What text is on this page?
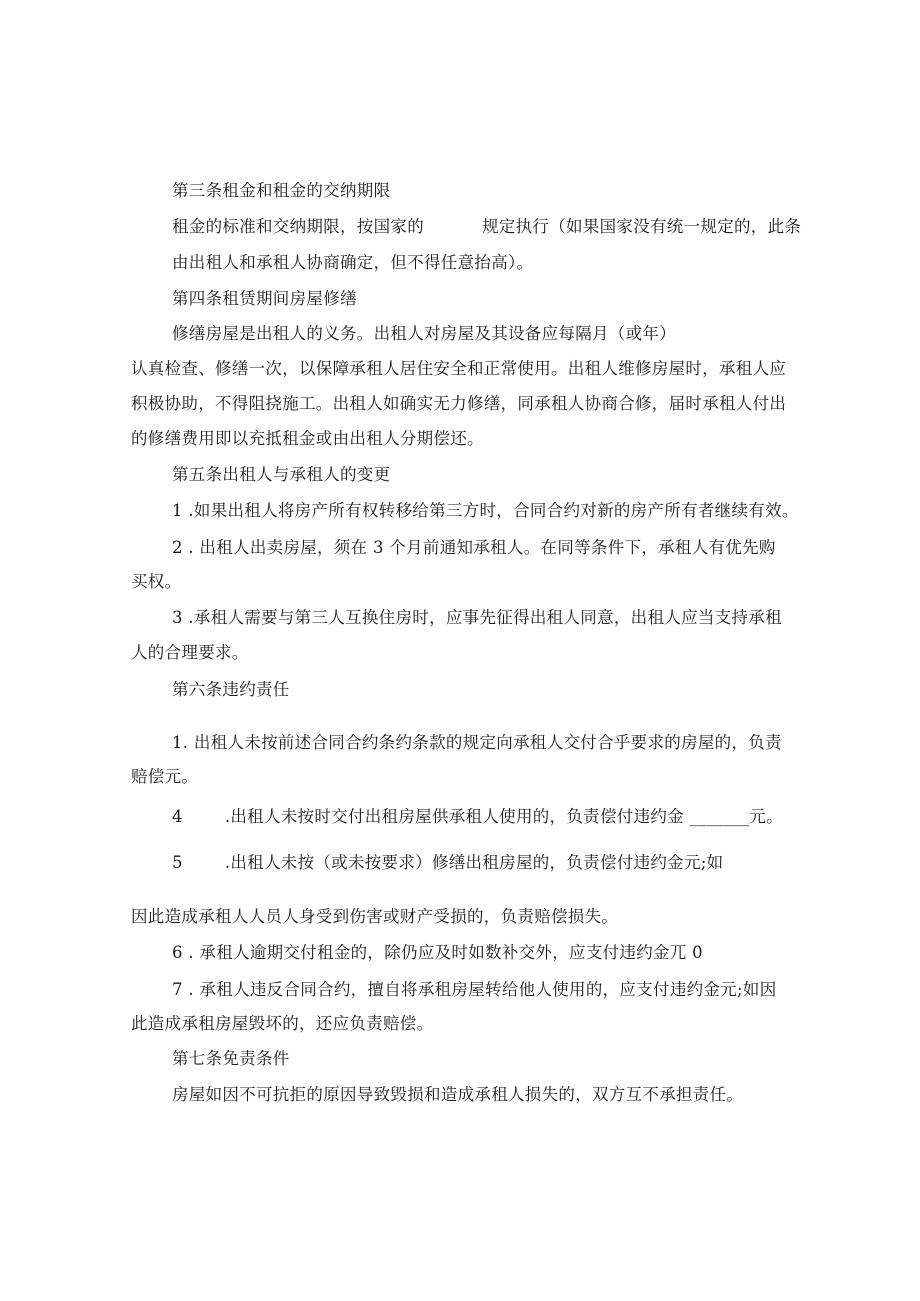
第三条租金和租金的交纳期限
租金的标准和交纳期限，按国家的	规定执行（如果国家没有统一规定的，此条
由出租人和承租人协商确定，但不得任意抬高）。
第四条租赁期间房屋修缮
修缮房屋是出租人的义务。出租人对房屋及其设备应每隔月（或年）
认真检查、修缮一次，以保障承租人居住安全和正常使用。出租人维修房屋时，承租人应
积极协助，不得阻挠施工。出租人如确实无力修缮，同承租人协商合修，届时承租人付出
的修缮费用即以充抵租金或由出租人分期偿还。
第五条出租人与承租人的变更
1 .如果出租人将房产所有权转移给第三方时，合同合约对新的房产所有者继续有效。
2 . 出租人出卖房屋，须在 3 个月前通知承租人。在同等条件下，承租人有优先购
买权。
3 .承租人需要与第三人互换住房时，应事先征得出租人同意，出租人应当支持承租
人的合理要求。
第六条违约责任
1. 出租人未按前述合同合约条约条款的规定向承租人交付合乎要求的房屋的，负责
赔偿元。
4	.出租人未按时交付出租房屋供承租人使用的，负责偿付违约金 _______元。
5	.出租人未按（或未按要求）修缮出租房屋的，负责偿付违约金元;如
因此造成承租人人员人身受到伤害或财产受损的，负责赔偿损失。
6 . 承租人逾期交付租金的，除仍应及时如数补交外，应支付违约金兀 0
7 . 承租人违反合同合约，擅自将承租房屋转给他人使用的，应支付违约金元;如因
此造成承租房屋毁坏的，还应负责赔偿。
第七条免责条件
房屋如因不可抗拒的原因导致毁损和造成承租人损失的，双方互不承担责任。
